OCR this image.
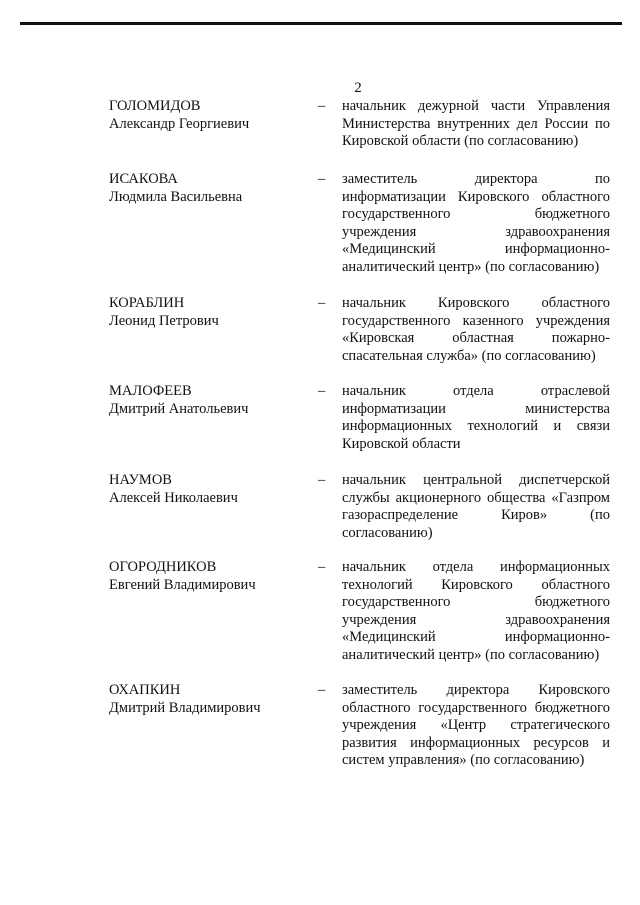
2
ГОЛОМИДОВ
Александр Георгиевич
– начальник дежурной части Управления
Министерства внутренних дел России по
Кировской области (по согласованию)
ИСАКОВА
Людмила Васильевна
– заместитель директора по
информатизации Кировского областного
государственного бюджетного
учреждения здравоохранения
«Медицинский информационно-
аналитический центр» (по согласованию)
КОРАБЛИН
Леонид Петрович
– начальник Кировского областного
государственного казенного учреждения
«Кировская областная пожарно-
спасательная служба» (по согласованию)
МАЛОФЕЕВ
Дмитрий Анатольевич
– начальник отдела отраслевой
информатизации министерства
информационных технологий и связи
Кировской области
НАУМОВ
Алексей Николаевич
– начальник центральной диспетчерской
службы акционерного общества «Газпром
газораспределение Киров» (по
согласованию)
ОГОРОДНИКОВ
Евгений Владимирович
– начальник отдела информационных
технологий Кировского областного
государственного бюджетного
учреждения здравоохранения
«Медицинский информационно-
аналитический центр» (по согласованию)
ОХАПКИН
Дмитрий Владимирович
– заместитель директора Кировского
областного государственного бюджетного
учреждения «Центр стратегического
развития информационных ресурсов и
систем управления» (по согласованию)
